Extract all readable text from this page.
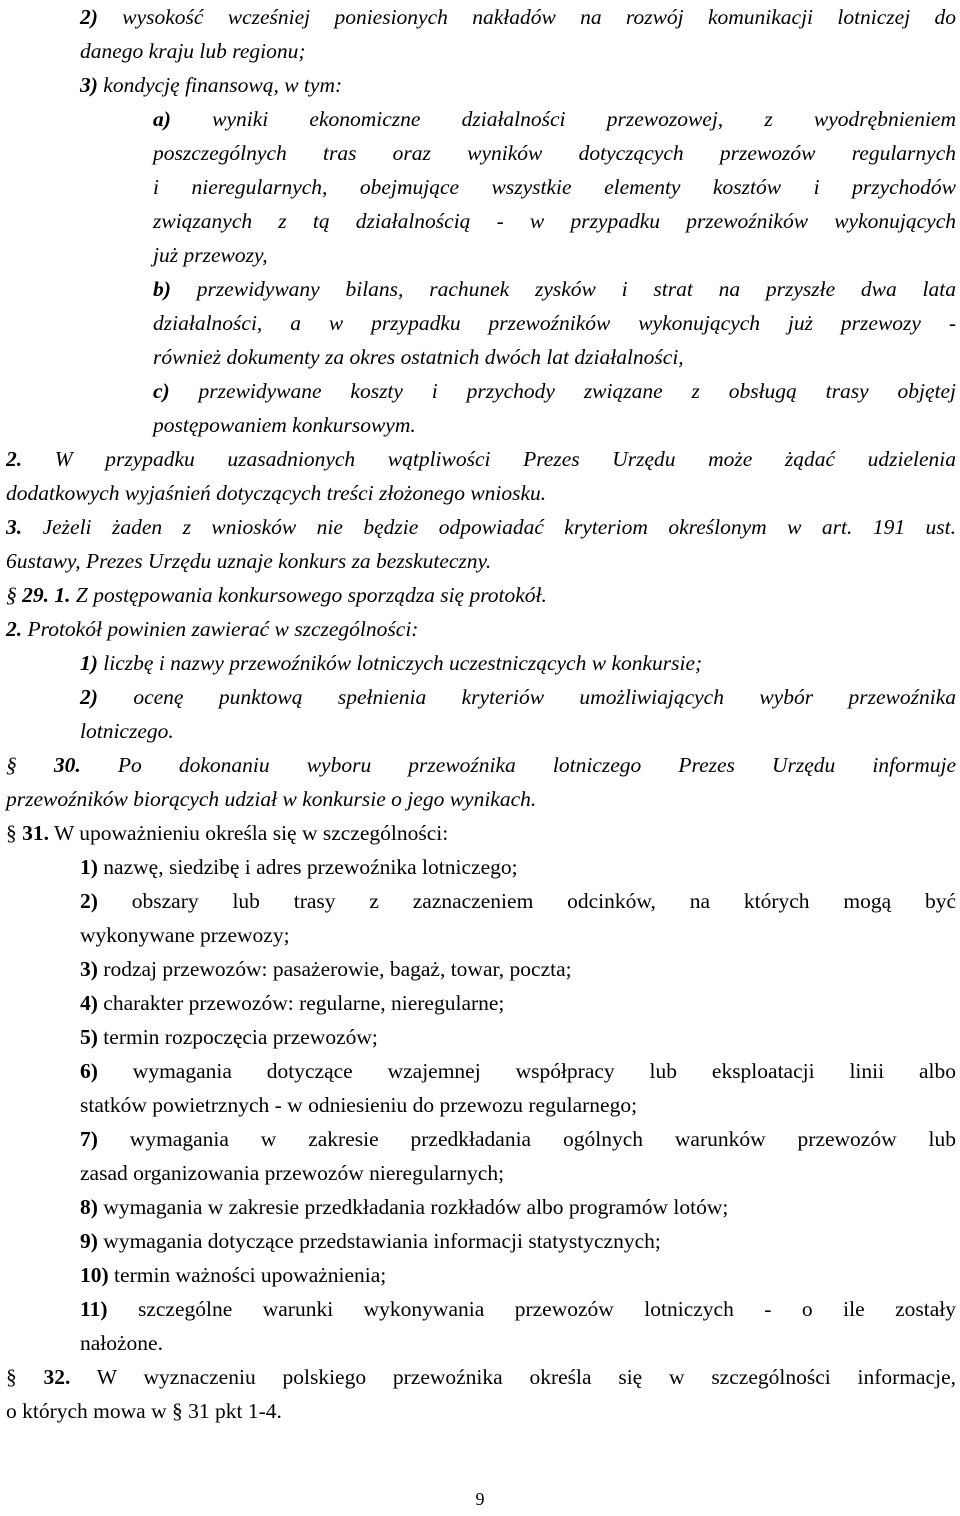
2) wysokość wcześniej poniesionych nakładów na rozwój komunikacji lotniczej do
danego kraju lub regionu;
3) kondycję finansową, w tym:
a) wyniki ekonomiczne działalności przewozowej, z wyodrębnieniem
poszczególnych tras oraz wyników dotyczących przewozów regularnych
i nieregularnych, obejmujące wszystkie elementy kosztów i przychodów
związanych z tą działalnością - w przypadku przewoźników wykonujących
już przewozy,
b) przewidywany bilans, rachunek zysków i strat na przyszłe dwa lata
działalności, a w przypadku przewoźników wykonujących już przewozy -
również dokumenty za okres ostatnich dwóch lat działalności,
c) przewidywane koszty i przychody związane z obsługą trasy objętej
postępowaniem konkursowym.
2. W przypadku uzasadnionych wątpliwości Prezes Urzędu może żądać udzielenia
dodatkowych wyjaśnień dotyczących treści złożonego wniosku.
3. Jeżeli żaden z wniosków nie będzie odpowiadać kryteriom określonym w art. 191 ust.
6ustawy, Prezes Urzędu uznaje konkurs za bezskuteczny.
§ 29. 1. Z postępowania konkursowego sporządza się protokół.
2. Protokół powinien zawierać w szczególności:
1) liczbę i nazwy przewoźników lotniczych uczestniczących w konkursie;
2) ocenę punktową spełnienia kryteriów umożliwiających wybór przewoźnika
lotniczego.
§ 30. Po dokonaniu wyboru przewoźnika lotniczego Prezes Urzędu informuje
przewoźników biorących udział w konkursie o jego wynikach.
§ 31. W upoważnieniu określa się w szczególności:
1) nazwę, siedzibę i adres przewoźnika lotniczego;
2) obszary lub trasy z zaznaczeniem odcinków, na których mogą być
wykonywane przewozy;
3) rodzaj przewozów: pasażerowie, bagaż, towar, poczta;
4) charakter przewozów: regularne, nieregularne;
5) termin rozpoczęcia przewozów;
6) wymagania dotyczące wzajemnej współpracy lub eksploatacji linii albo
statków powietrznych - w odniesieniu do przewozu regularnego;
7) wymagania w zakresie przedkładania ogólnych warunków przewozów lub
zasad organizowania przewozów nieregularnych;
8) wymagania w zakresie przedkładania rozkładów albo programów lotów;
9) wymagania dotyczące przedstawiania informacji statystycznych;
10) termin ważności upoważnienia;
11) szczególne warunki wykonywania przewozów lotniczych - o ile zostały
nałożone.
§ 32. W wyznaczeniu polskiego przewoźnika określa się w szczególności informacje,
o których mowa w § 31 pkt 1-4.
9
